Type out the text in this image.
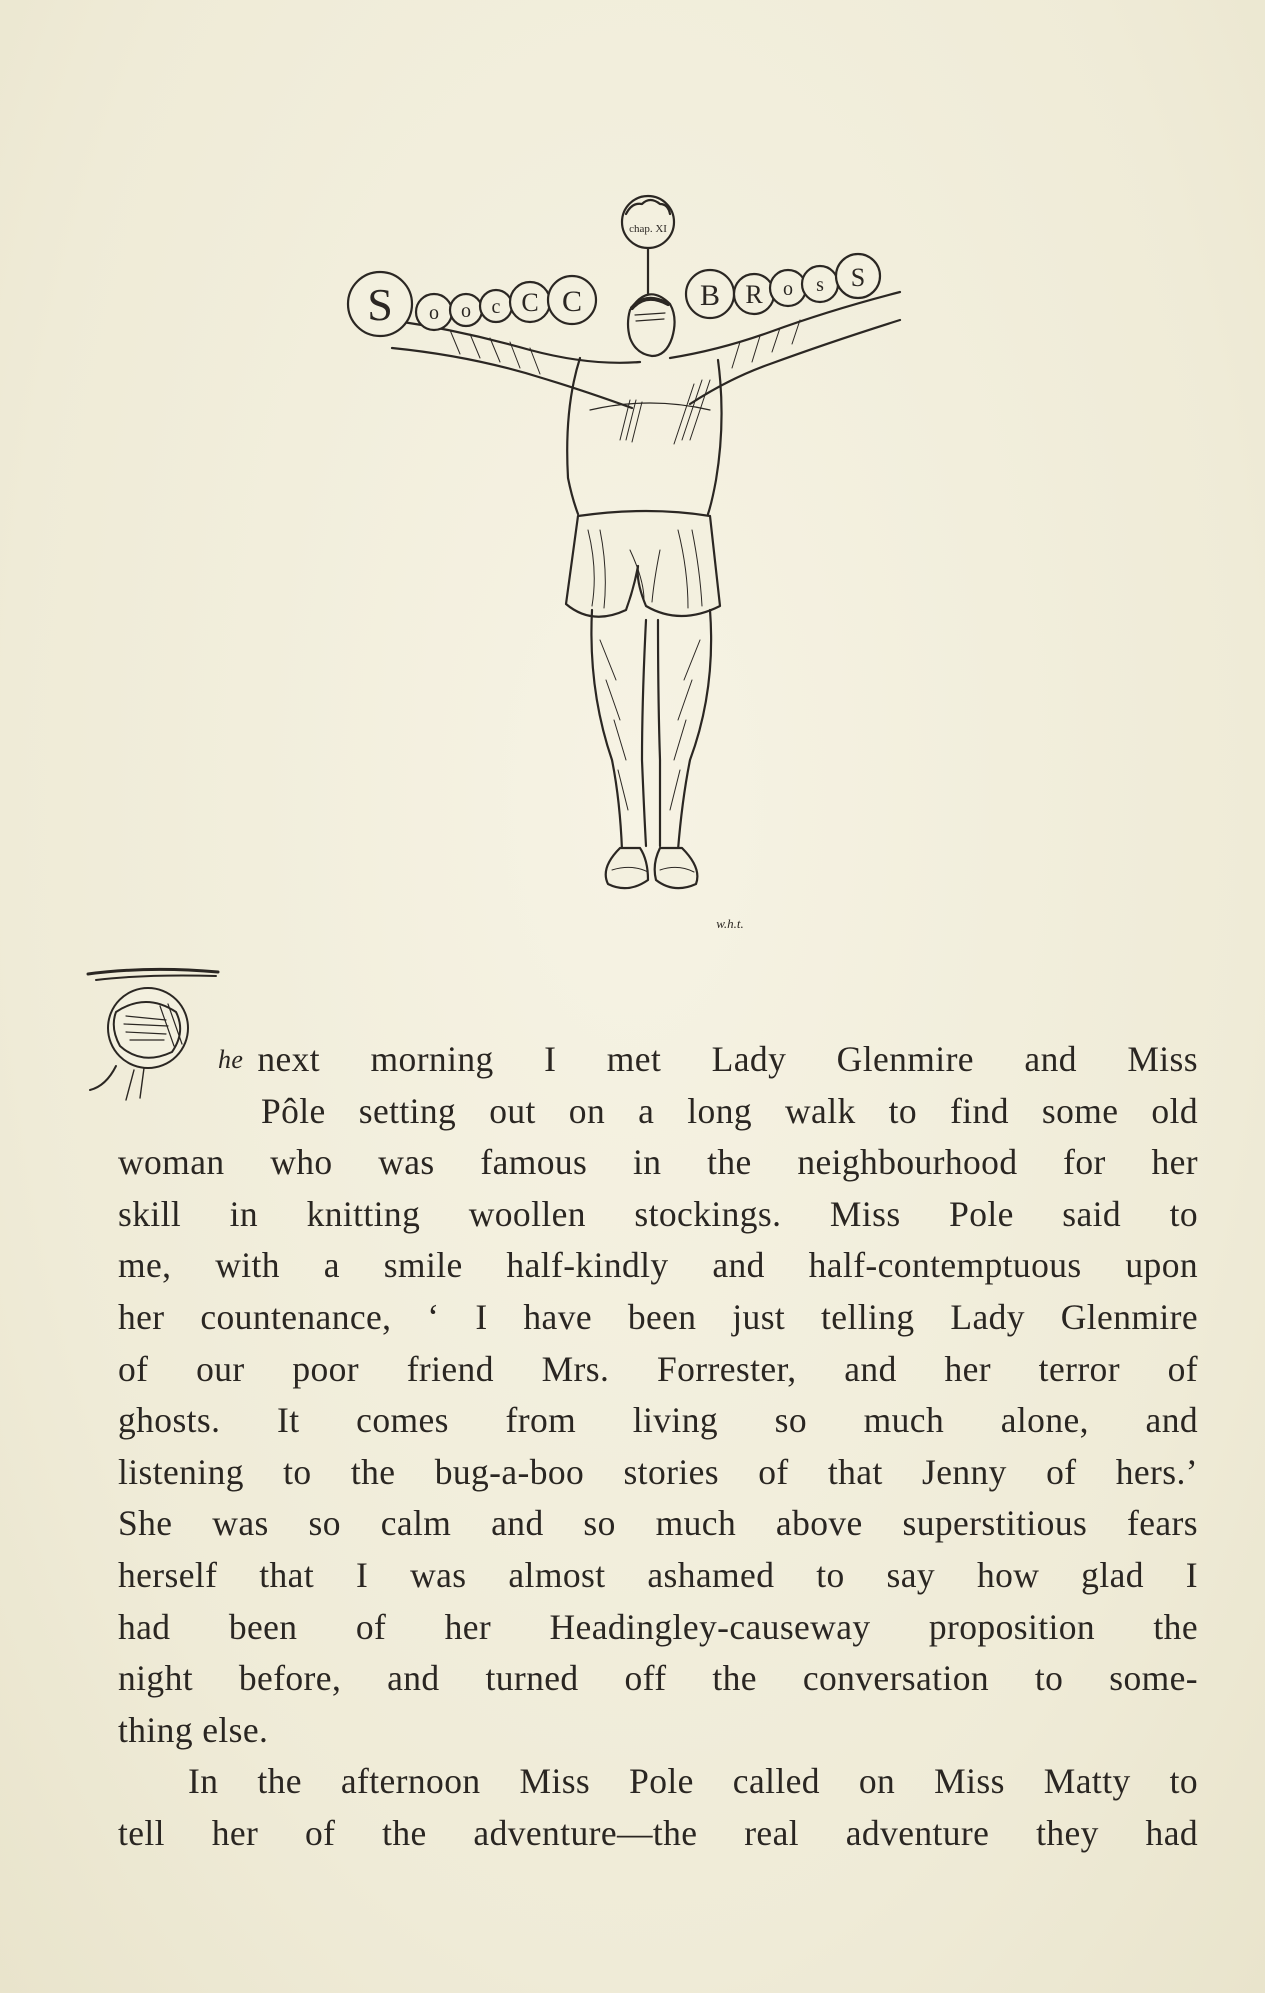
chap. XI
S o o c C C	B R o s S
w.h.t.
he next morning I met Lady Glenmire and Miss
Pôle setting out on a long walk to find some old
woman who was famous in the neighbourhood for her
skill in knitting woollen stockings. Miss Pole said to
me, with a smile half-kindly and half-contemptuous upon
her countenance, ‘ I have been just telling Lady Glenmire
of our poor friend Mrs. Forrester, and her terror of
ghosts. It comes from living so much alone, and
listening to the bug-a-boo stories of that Jenny of hers.’
She was so calm and so much above superstitious fears
herself that I was almost ashamed to say how glad I
had been of her Headingley-causeway proposition the
night before, and turned off the conversation to some-
thing else.
In the afternoon Miss Pole called on Miss Matty to
tell her of the adventure—the real adventure they had
